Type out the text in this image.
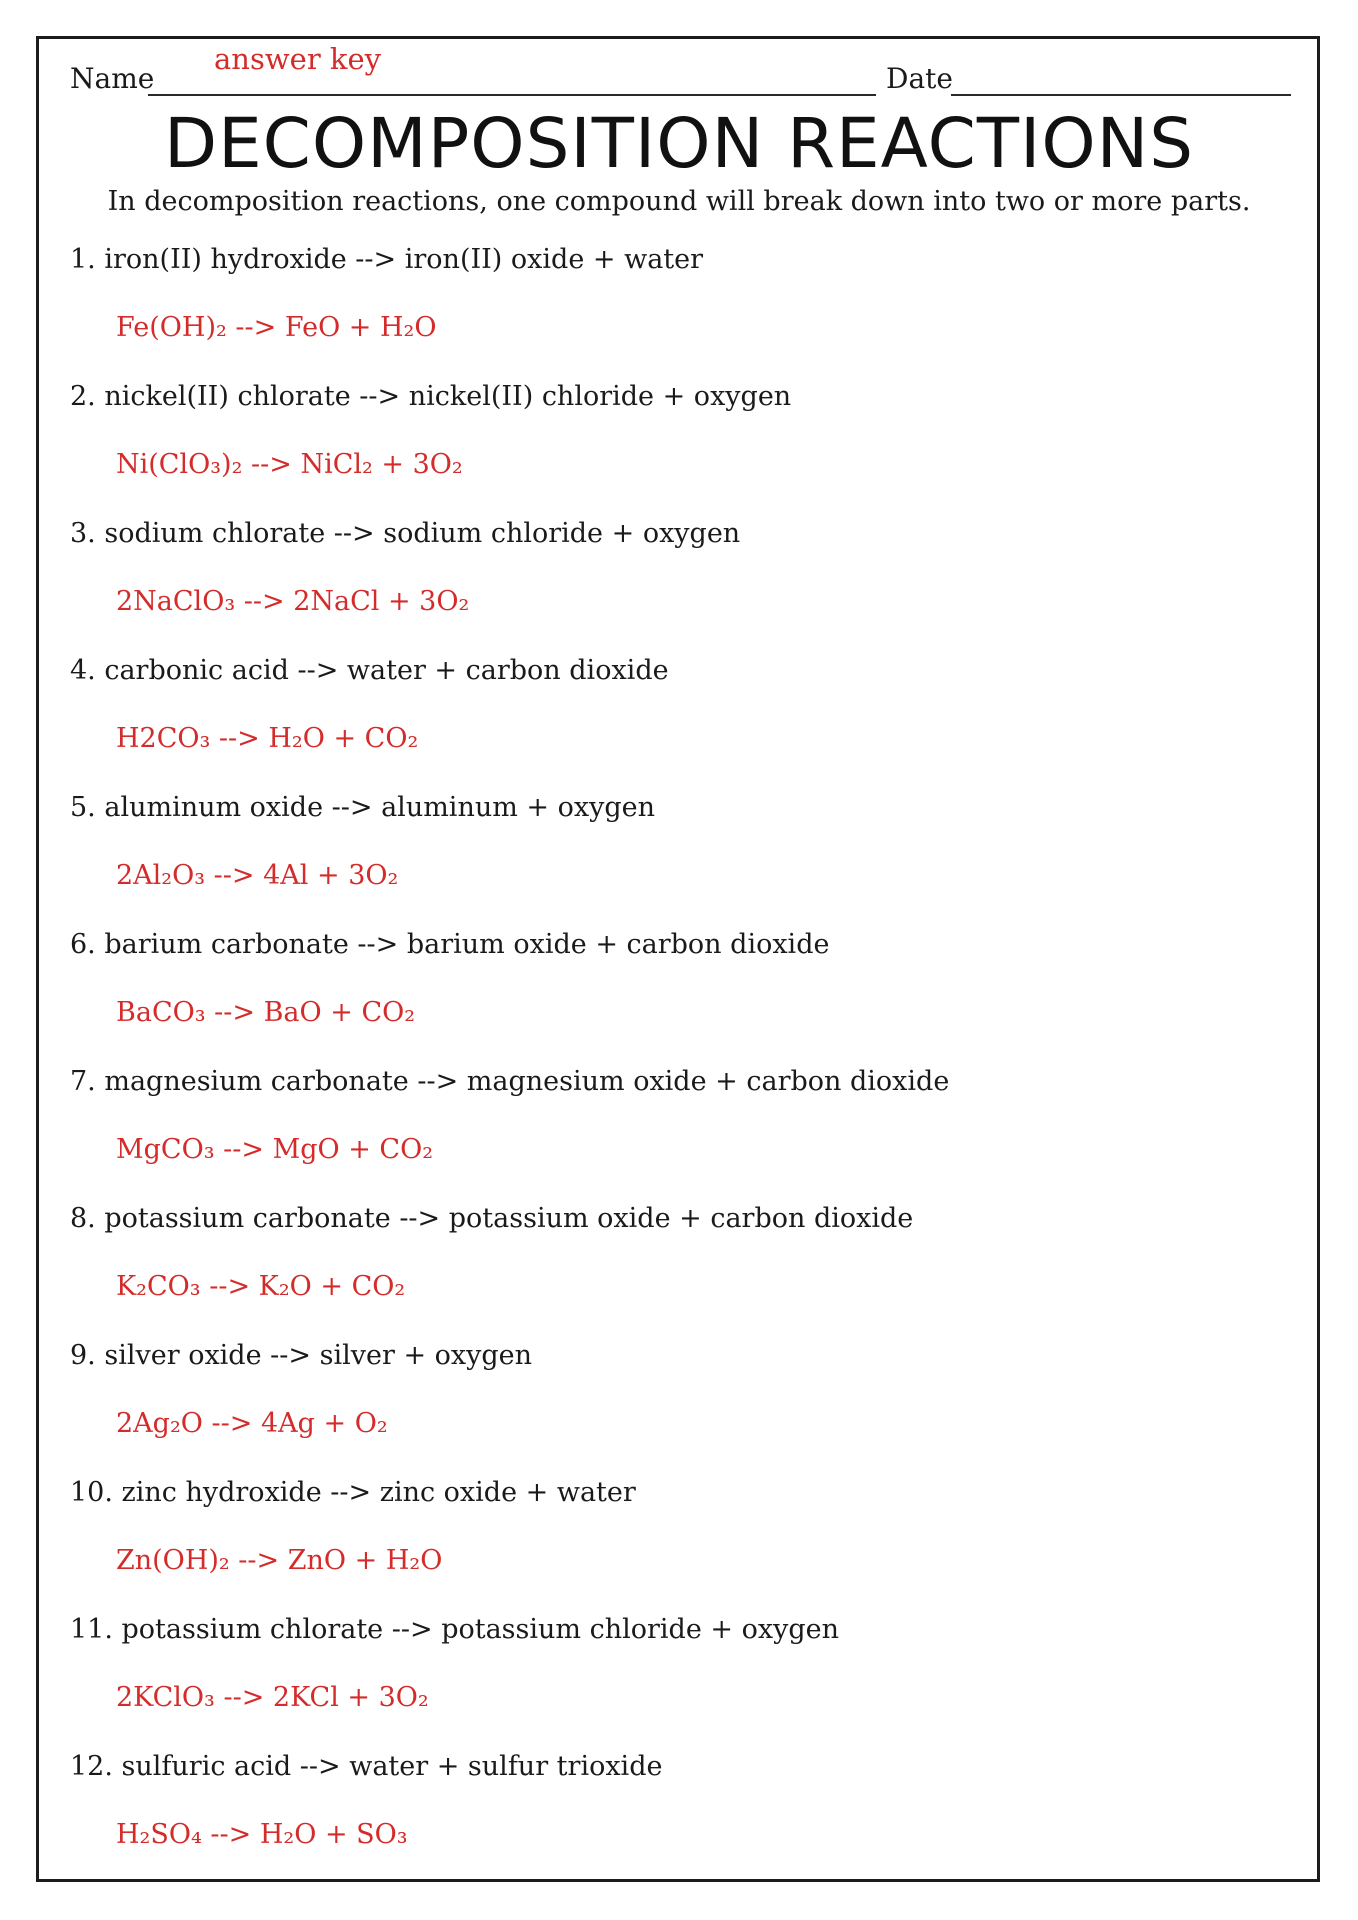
Name
answer key
Date
DECOMPOSITION REACTIONS
In decomposition reactions, one compound will break down into two or more parts.
1. iron(II) hydroxide --> iron(II) oxide + water
Fe(OH)₂ --> FeO + H₂O
2. nickel(II) chlorate --> nickel(II) chloride + oxygen
Ni(ClO₃)₂ --> NiCl₂ + 3O₂
3. sodium chlorate --> sodium chloride + oxygen
2NaClO₃ --> 2NaCl + 3O₂
4. carbonic acid --> water + carbon dioxide
H2CO₃ --> H₂O + CO₂
5. aluminum oxide --> aluminum + oxygen
2Al₂O₃ --> 4Al + 3O₂
6. barium carbonate --> barium oxide + carbon dioxide
BaCO₃ --> BaO + CO₂
7. magnesium carbonate --> magnesium oxide + carbon dioxide
MgCO₃ --> MgO + CO₂
8. potassium carbonate --> potassium oxide + carbon dioxide
K₂CO₃ --> K₂O + CO₂
9. silver oxide --> silver + oxygen
2Ag₂O --> 4Ag + O₂
10. zinc hydroxide --> zinc oxide + water
Zn(OH)₂ --> ZnO + H₂O
11. potassium chlorate --> potassium chloride + oxygen
2KClO₃ --> 2KCl + 3O₂
12. sulfuric acid --> water + sulfur trioxide
H₂SO₄ --> H₂O + SO₃
